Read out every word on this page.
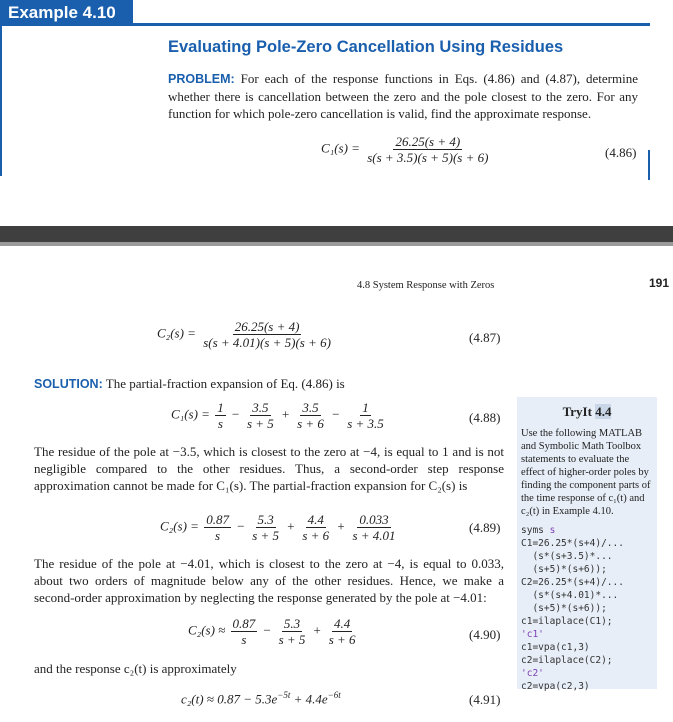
Example 4.10
Evaluating Pole-Zero Cancellation Using Residues
PROBLEM: For each of the response functions in Eqs. (4.86) and (4.87), determine whether there is cancellation between the zero and the pole closest to the zero. For any function for which pole-zero cancellation is valid, find the approximate response.
$C_1(s) = \frac{26.25(s + 4)}{s(s + 3.5)(s + 5)(s + 6)}$	(4.86)
4.8 System Response with Zeros	191
$C_2(s) = \frac{26.25(s + 4)}{s(s + 4.01)(s + 5)(s + 6)}$	(4.87)
SOLUTION: The partial-fraction expansion of Eq. (4.86) is
$C_1(s) = \frac{1}{s} - \frac{3.5}{s + 5} + \frac{3.5}{s + 6} - \frac{1}{s + 3.5}$	(4.88)
The residue of the pole at −3.5, which is closest to the zero at −4, is equal to 1 and is not negligible compared to the other residues. Thus, a second-order step response approximation cannot be made for C₁(s). The partial-fraction expansion for C₂(s) is
$C_2(s) = \frac{0.87}{s} - \frac{5.3}{s + 5} + \frac{4.4}{s + 6} + \frac{0.033}{s + 4.01}$	(4.89)
The residue of the pole at −4.01, which is closest to the zero at −4, is equal to 0.033, about two orders of magnitude below any of the other residues. Hence, we make a second-order approximation by neglecting the response generated by the pole at −4.01:
$C_2(s) \approx \frac{0.87}{s} - \frac{5.3}{s + 5} + \frac{4.4}{s + 6}$	(4.90)
and the response c₂(t) is approximately
$c_2(t) \approx 0.87 - 5.3e^{-5t} + 4.4e^{-6t}$	(4.91)
TryIt 4.4
Use the following MATLAB and Symbolic Math Toolbox statements to evaluate the effect of higher-order poles by finding the component parts of the time response of c₁(t) and c₂(t) in Example 4.10.
syms s
C1=26.25*(s+4)/...
(s*(s+3.5)*...
(s+5)*(s+6));
C2=26.25*(s+4)/...
(s*(s+4.01)*...
(s+5)*(s+6));
c1=ilaplace(C1);
'c1'
c1=vpa(c1,3)
c2=ilaplace(C2);
'c2'
c2=vpa(c2,3)
